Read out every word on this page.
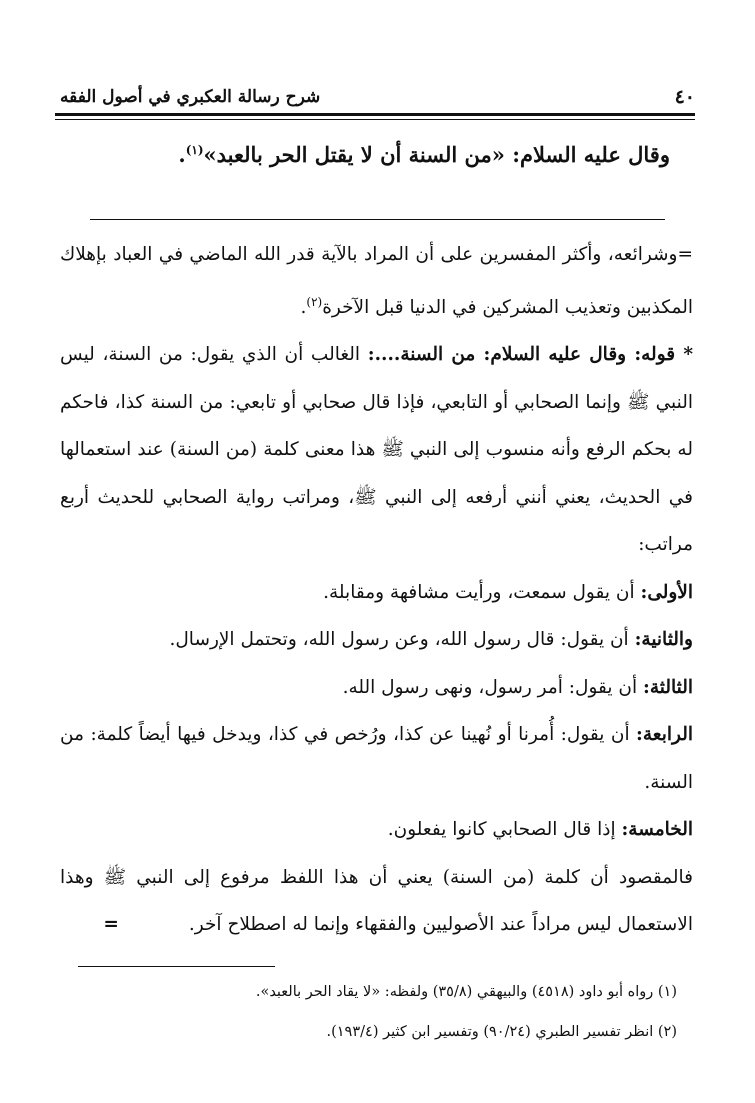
٤٠
شرح رسالة العكبري في أصول الفقه
وقال عليه السلام: «من السنة أن لا يقتل الحر بالعبد»$^{(١)}$.

=وشرائعه، وأكثر المفسرين على أن المراد بالآية قدر الله الماضي في العباد بإهلاك المكذبين وتعذيب المشركين في الدنيا قبل الآخرة$^{(٢)}$.

* قوله: وقال عليه السلام: من السنة....: الغالب أن الذي يقول: من السنة، ليس النبي ﷺ وإنما الصحابي أو التابعي، فإذا قال صحابي أو تابعي: من السنة كذا، فاحكم له بحكم الرفع وأنه منسوب إلى النبي ﷺ هذا معنى كلمة (من السنة) عند استعمالها في الحديث، يعني أنني أرفعه إلى النبي ﷺ، ومراتب رواية الصحابي للحديث أربع مراتب:

الأولى: أن يقول سمعت، ورأيت مشافهة ومقابلة.

والثانية: أن يقول: قال رسول الله، وعن رسول الله، وتحتمل الإرسال.

الثالثة: أن يقول: أمر رسول، ونهى رسول الله.

الرابعة: أن يقول: أُمرنا أو نُهينا عن كذا، ورُخص في كذا، ويدخل فيها أيضاً كلمة: من السنة.

الخامسة: إذا قال الصحابي كانوا يفعلون.

فالمقصود أن كلمة (من السنة) يعني أن هذا اللفظ مرفوع إلى النبي ﷺ وهذا الاستعمال ليس مراداً عند الأصوليين والفقهاء وإنما له اصطلاح آخر.=

(١) رواه أبو داود (٤٥١٨) والبيهقي (٣٥/٨) ولفظه: «لا يقاد الحر بالعبد».

(٢) انظر تفسير الطبري (٩٠/٢٤) وتفسير ابن كثير (١٩٣/٤).
